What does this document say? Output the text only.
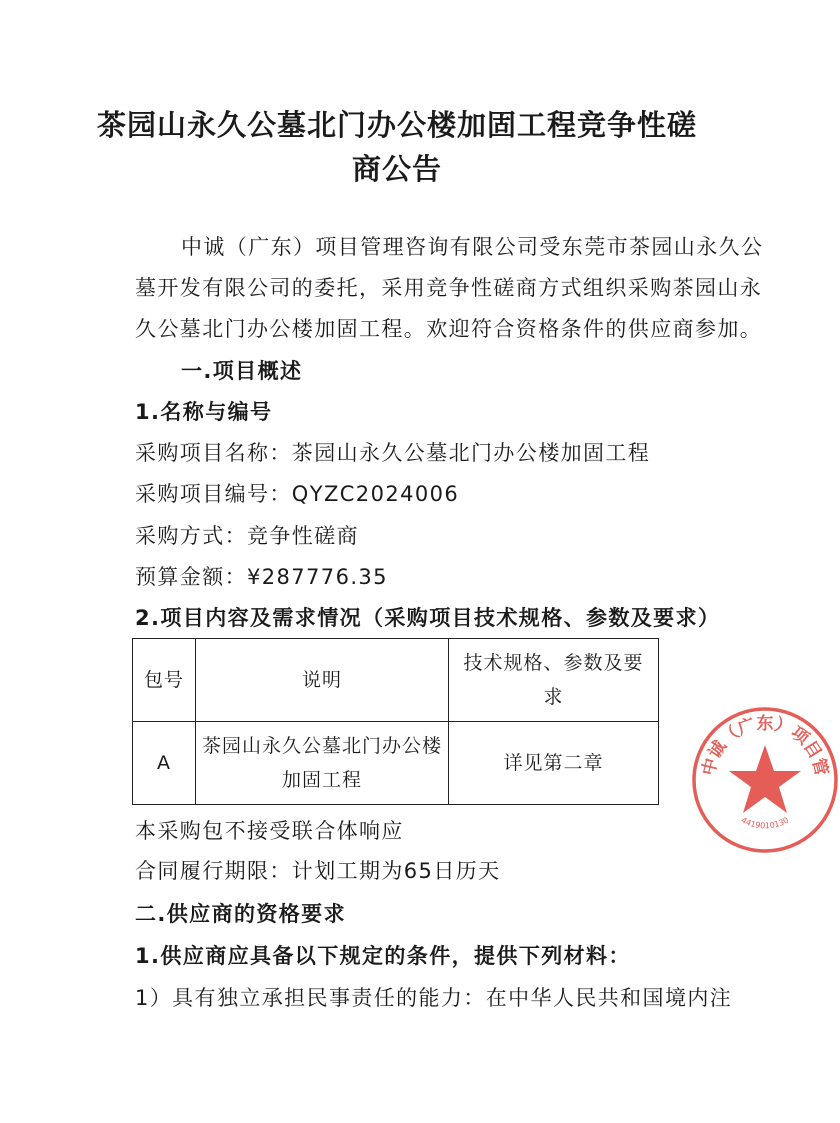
茶园山永久公墓北门办公楼加固工程竞争性磋
商公告

中诚（广东）项目管理咨询有限公司受东莞市茶园山永久公

墓开发有限公司的委托，采用竞争性磋商方式组织采购茶园山永

久公墓北门办公楼加固工程。欢迎符合资格条件的供应商参加。

一.项目概述

1.名称与编号

采购项目名称：茶园山永久公墓北门办公楼加固工程

采购项目编号：QYZC2024006

采购方式：竞争性磋商

预算金额：¥287776.35

2.项目内容及需求情况（采购项目技术规格、参数及要求）

包号	说明	技术规格、参数及要求
A	茶园山永久公墓北门办公楼加固工程	详见第二章

本采购包不接受联合体响应

合同履行期限：计划工期为65日历天

二.供应商的资格要求

1.供应商应具备以下规定的条件，提供下列材料：

1）具有独立承担民事责任的能力：在中华人民共和国境内注

中诚（广东）项目管
4419010130
